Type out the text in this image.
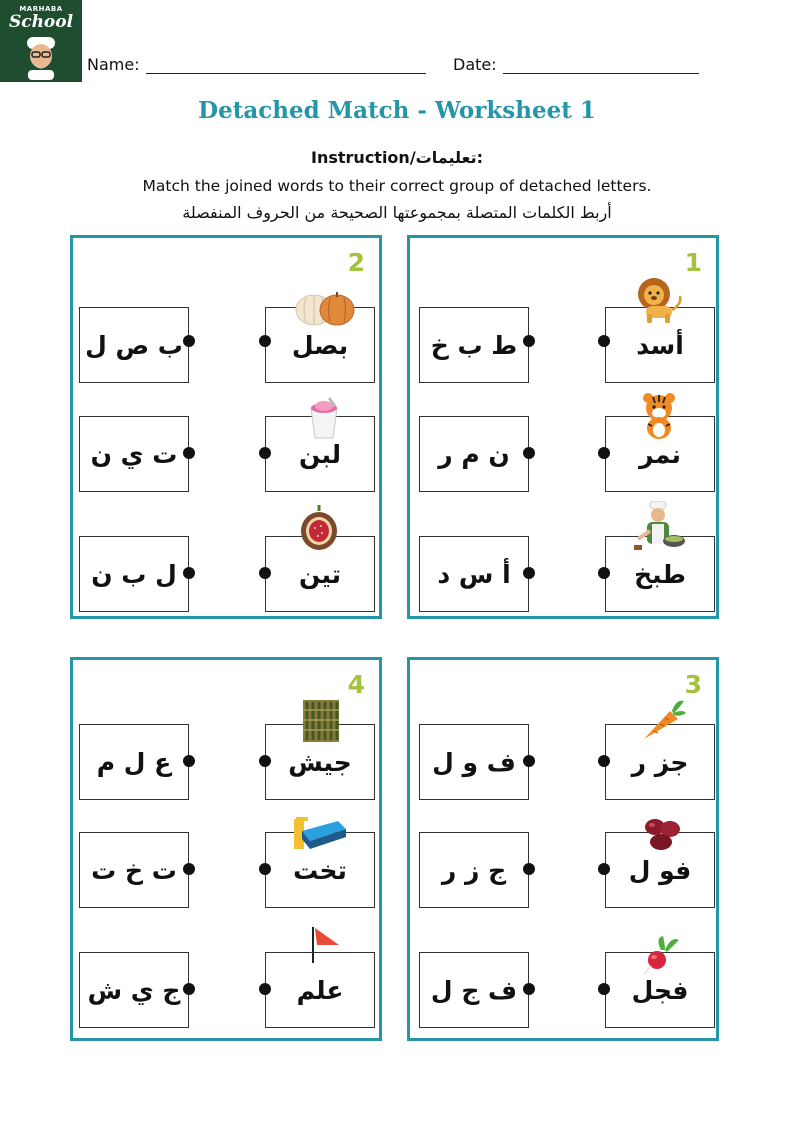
MARHABA
School
Name:	Date:
Detached Match - Worksheet 1
Instruction/تعليمات:
Match the joined words to their correct group of detached letters.
أربط الكلمات المتصلة بمجموعتها الصحيحة من الحروف المنفصلة
2	1
4	3
أسد
ط ب خ
نمر
ن م ر
طبخ
أ س د
بصل
ب ص ل
لبن
ت ي ن
تين
ل ب ن
جز ر
ف و ل
فو ل
ج ز ر
فجل
ف ج ل
جيش
ع ل م
تخت
ت خ ت
علم
ج ي ش
